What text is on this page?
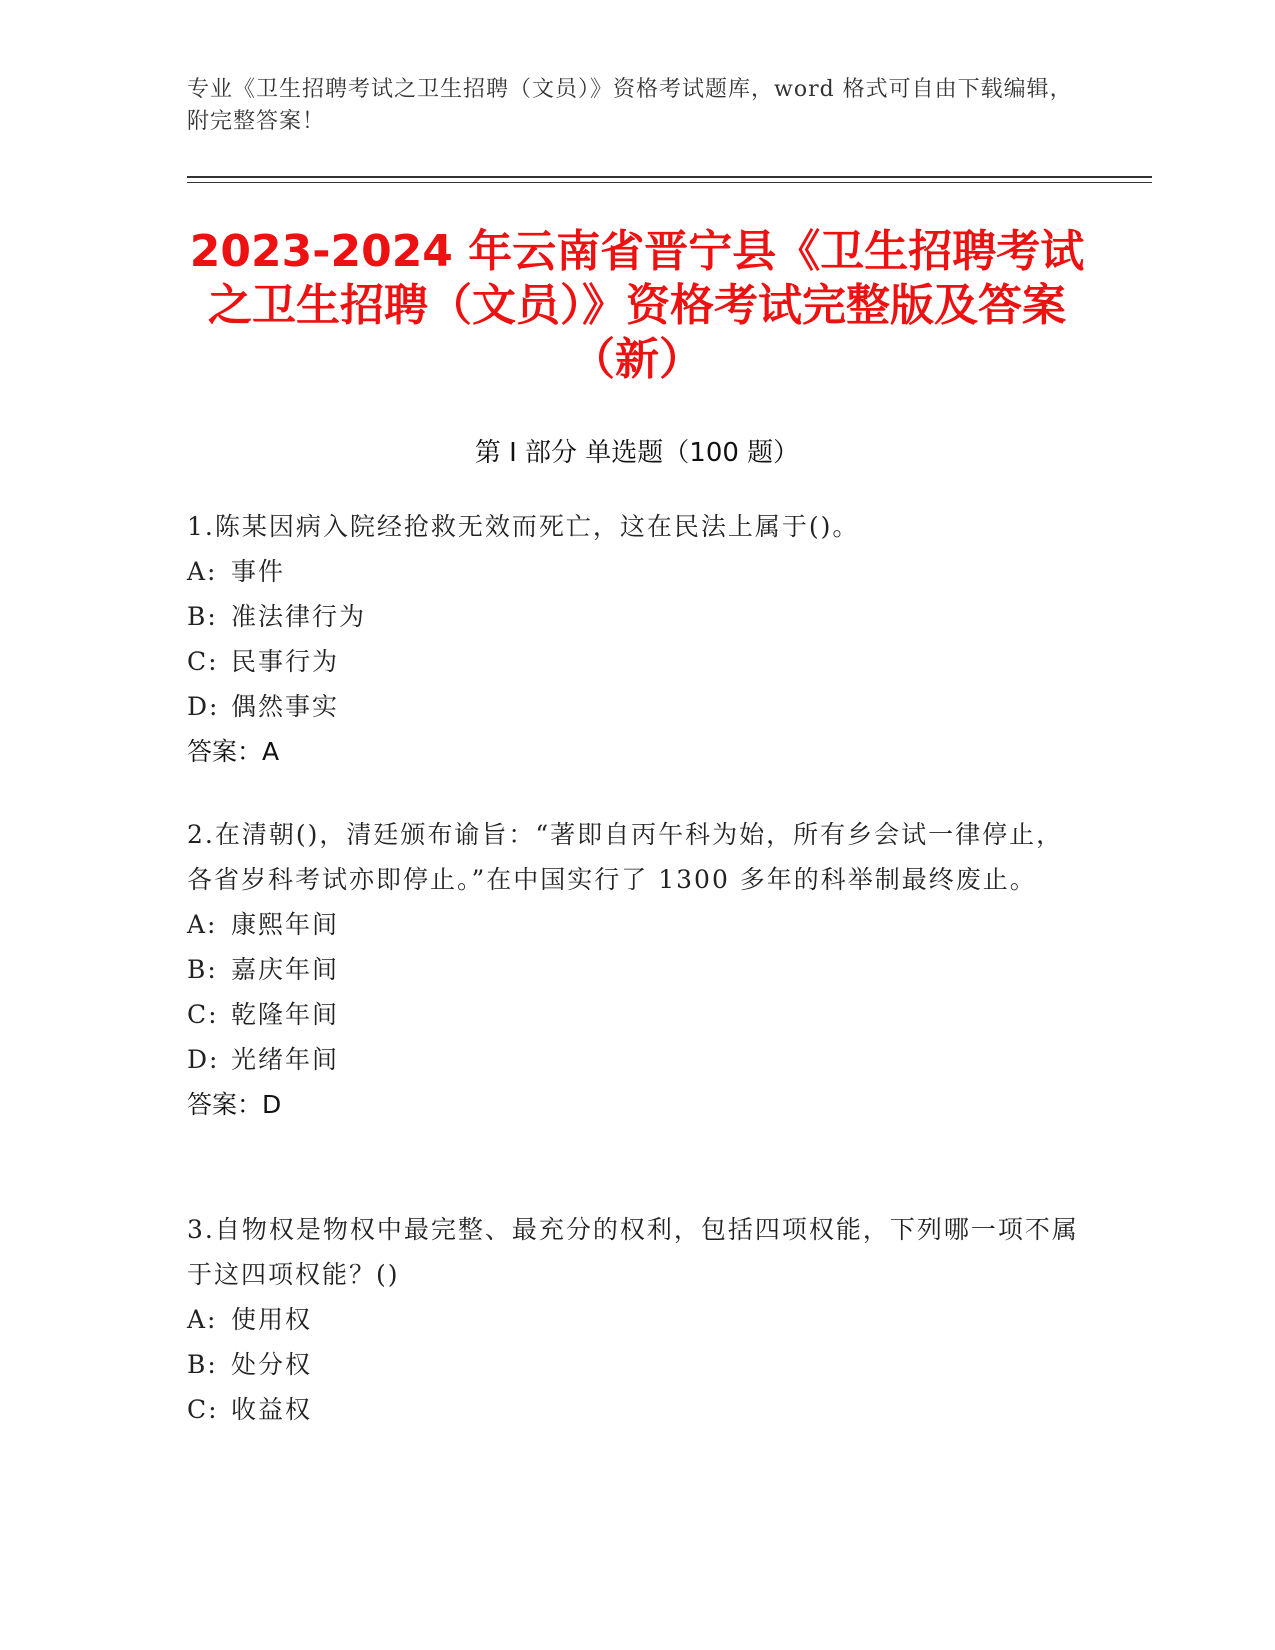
专业《卫生招聘考试之卫生招聘（文员）》资格考试题库，word 格式可自由下载编辑，附完整答案！
2023-2024 年云南省晋宁县《卫生招聘考试之卫生招聘（文员）》资格考试完整版及答案（新）
第 I 部分 单选题（100 题）
1.陈某因病入院经抢救无效而死亡，这在民法上属于()。
A: 事件
B: 准法律行为
C: 民事行为
D: 偶然事实
答案：A
2.在清朝()，清廷颁布谕旨：“著即自丙午科为始，所有乡会试一律停止，各省岁科考试亦即停止。”在中国实行了 1300 多年的科举制最终废止。
A: 康熙年间
B: 嘉庆年间
C: 乾隆年间
D: 光绪年间
答案：D
3.自物权是物权中最完整、最充分的权利，包括四项权能，下列哪一项不属于这四项权能？()
A: 使用权
B: 处分权
C: 收益权
